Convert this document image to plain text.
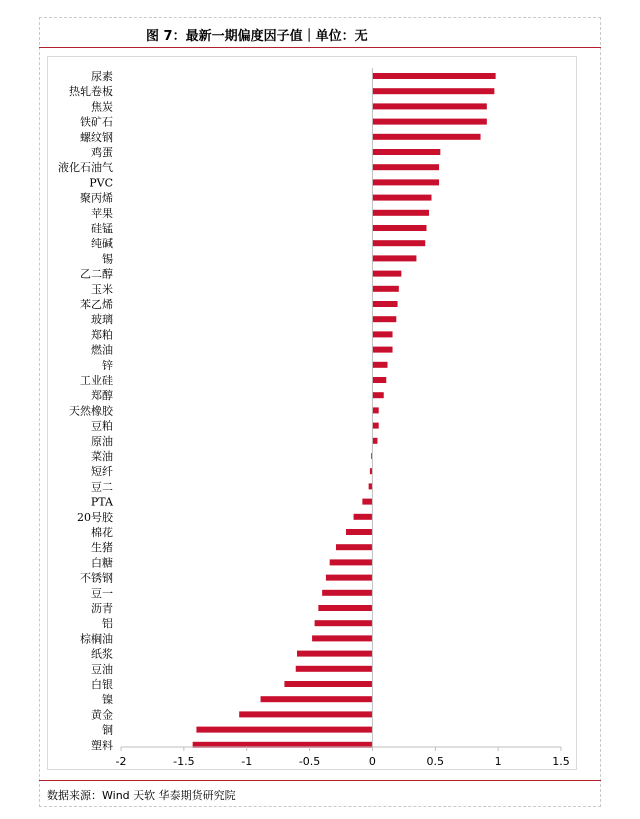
图 7：最新一期偏度因子值｜单位：无
尿素
热轧卷板
焦炭
铁矿石
螺纹钢
鸡蛋
液化石油气
PVC
聚丙烯
苹果
硅锰
纯碱
锡
乙二醇
玉米
苯乙烯
玻璃
郑粕
燃油
锌
工业硅
郑醇
天然橡胶
豆粕
原油
菜油
短纤
豆二
PTA
20号胶
棉花
生猪
白糖
不锈钢
豆一
沥青
铝
棕榈油
纸浆
豆油
白银
镍
黄金
铜
塑料
-2	-1.5	-1	-0.5	0	0.5	1	1.5
数据来源：Wind 天软 华泰期货研究院
